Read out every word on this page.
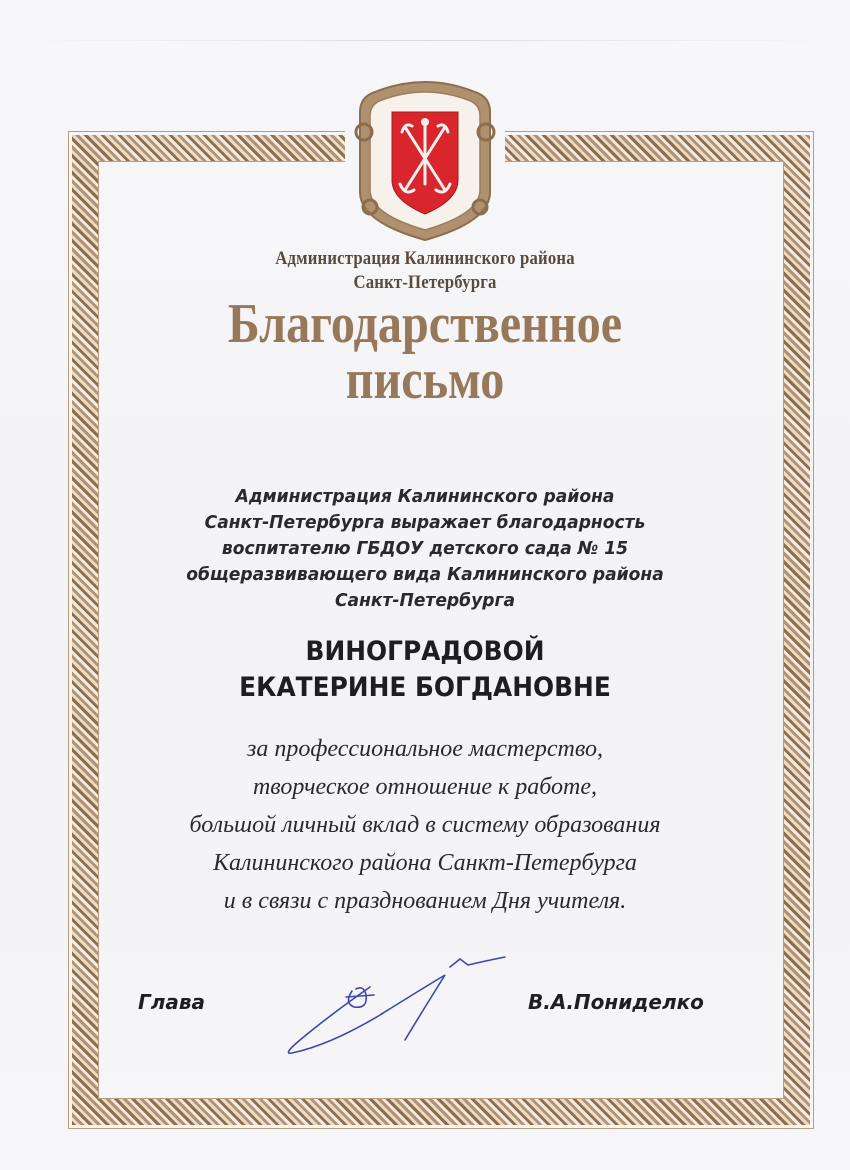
Администрация Калининского района
Санкт-Петербурга
Благодарственное
письмо
Администрация Калининского района
Санкт-Петербурга выражает благодарность
воспитателю ГБДОУ детского сада № 15
общеразвивающего вида Калининского района
Санкт-Петербурга
ВИНОГРАДОВОЙ
ЕКАТЕРИНЕ БОГДАНОВНЕ
за профессиональное мастерство,
творческое отношение к работе,
большой личный вклад в систему образования
Калининского района Санкт-Петербурга
и в связи с празднованием Дня учителя.
Глава	В.А.Пониделко
